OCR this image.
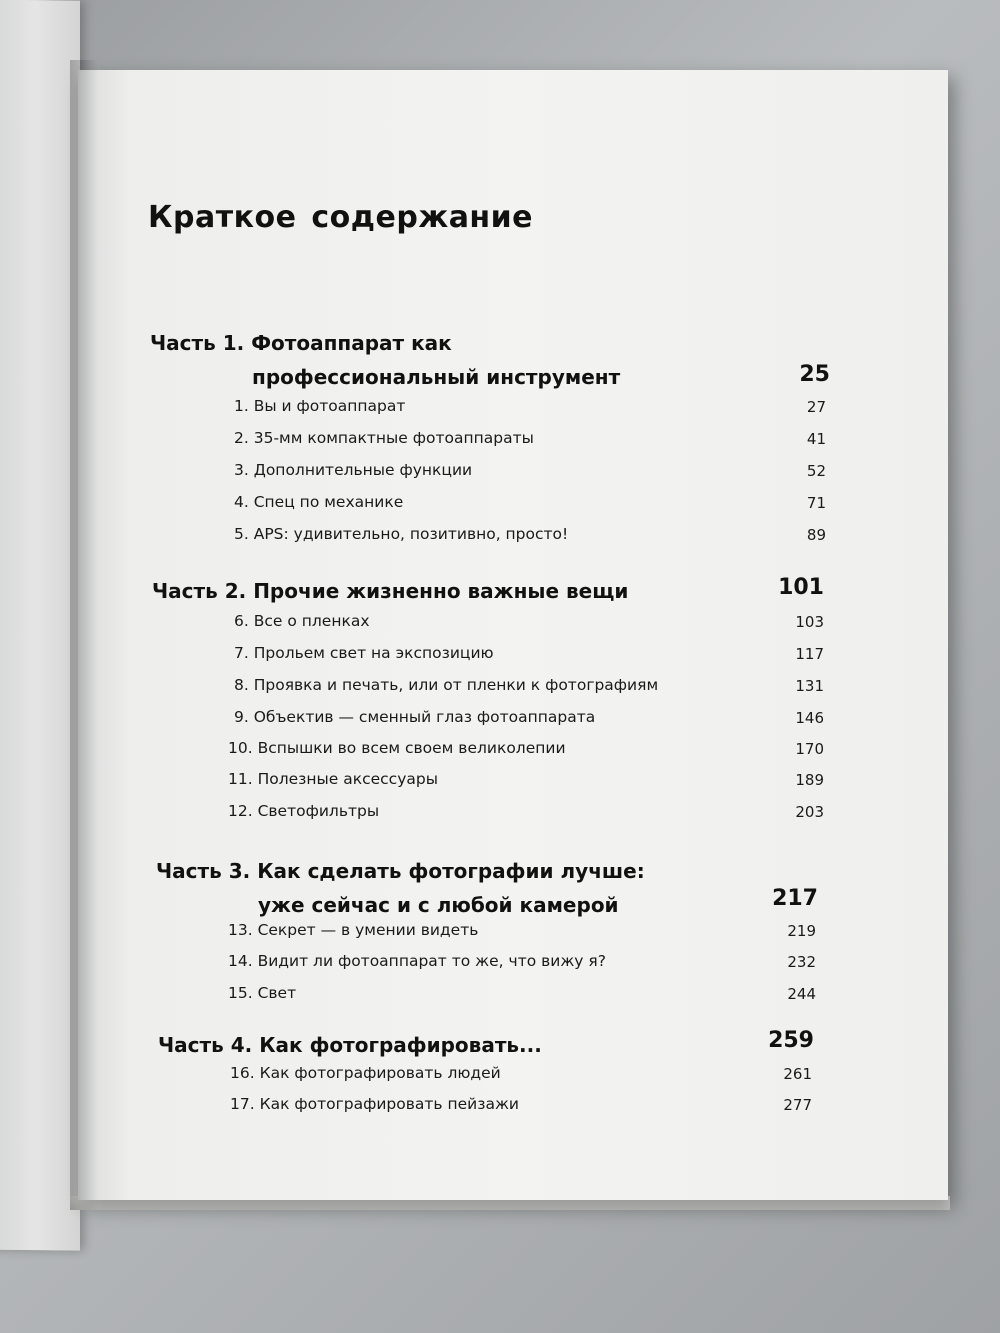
Краткое содержание
Часть 1. Фотоаппарат как
профессиональный инструмент	25
1. Вы и фотоаппарат	27
2. 35-мм компактные фотоаппараты	41
3. Дополнительные функции	52
4. Спец по механике	71
5. APS: удивительно, позитивно, просто!	89
Часть 2. Прочие жизненно важные вещи	101
6. Все о пленках	103
7. Прольем свет на экспозицию	117
8. Проявка и печать, или от пленки к фотографиям	131
9. Объектив — сменный глаз фотоаппарата	146
10. Вспышки во всем своем великолепии	170
11. Полезные аксессуары	189
12. Светофильтры	203
Часть 3. Как сделать фотографии лучше:
уже сейчас и с любой камерой	217
13. Секрет — в умении видеть	219
14. Видит ли фотоаппарат то же, что вижу я?	232
15. Свет	244
Часть 4. Как фотографировать...	259
16. Как фотографировать людей	261
17. Как фотографировать пейзажи	277
